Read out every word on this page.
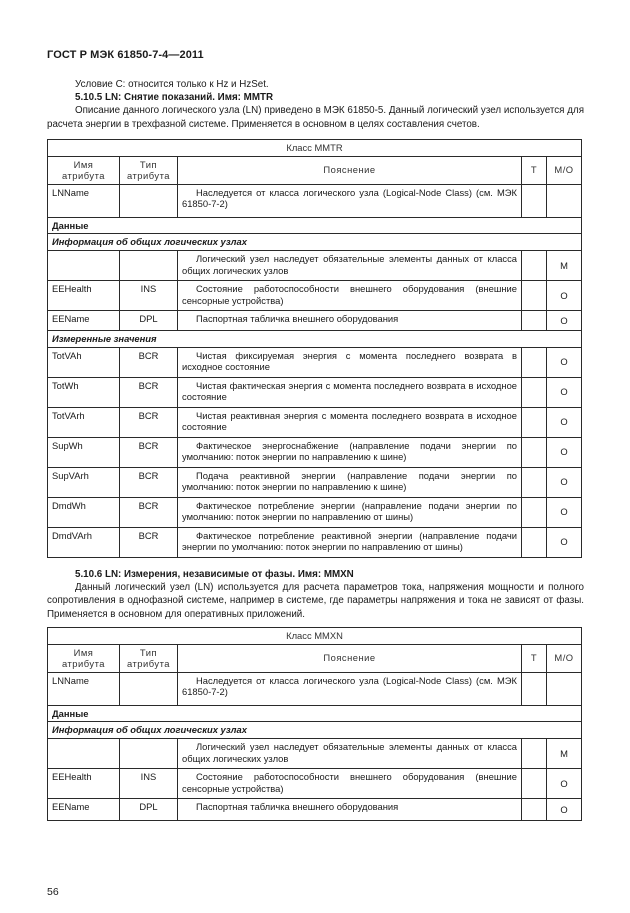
ГОСТ Р МЭК 61850-7-4—2011
Условие С: относится только к Hz и HzSet.
5.10.5 LN: Снятие показаний. Имя: MMTR
Описание данного логического узла (LN) приведено в МЭК 61850-5. Данный логический узел используется для расчета энергии в трехфазной системе. Применяется в основном в целях составления счетов.
Класс MMTR				
Имя атрибута	Тип атрибута	Пояснение	Т	М/О
LNName		Наследуется от класса логического узла (Logical-Node Class) (см. МЭК 61850-7-2)		
Данные				
Информация об общих логических узлах				
		Логический узел наследует обязательные элементы данных от класса общих логических узлов		M
EEHealth	INS	Состояние работоспособности внешнего оборудования (внешние сенсорные устройства)		O
EEName	DPL	Паспортная табличка внешнего оборудования		O
Измеренные значения				
TotVAh	BCR	Чистая фиксируемая энергия с момента последнего возврата в исходное состояние		O
TotWh	BCR	Чистая фактическая энергия с момента последнего возврата в исходное состояние		O
TotVArh	BCR	Чистая реактивная энергия с момента последнего возврата в исходное состояние		O
SupWh	BCR	Фактическое энергоснабжение (направление подачи энергии по умолчанию: поток энергии по направлению к шине)		O
SupVArh	BCR	Подача реактивной энергии (направление подачи энергии по умолчанию: поток энергии по направлению к шине)		O
DmdWh	BCR	Фактическое потребление энергии (направление подачи энергии по умолчанию: поток энергии по направлению от шины)		O
DmdVArh	BCR	Фактическое потребление реактивной энергии (направление подачи энергии по умолчанию: поток энергии по направлению от шины)		O
5.10.6 LN: Измерения, независимые от фазы. Имя: MMXN
Данный логический узел (LN) используется для расчета параметров тока, напряжения мощности и полного сопротивления в однофазной системе, например в системе, где параметры напряжения и тока не зависят от фазы. Применяется в основном для оперативных приложений.
Класс MMXN				
Имя атрибута	Тип атрибута	Пояснение	Т	М/О
LNName		Наследуется от класса логического узла (Logical-Node Class) (см. МЭК 61850-7-2)		
Данные				
Информация об общих логических узлах				
		Логический узел наследует обязательные элементы данных от класса общих логических узлов		M
EEHealth	INS	Состояние работоспособности внешнего оборудования (внешние сенсорные устройства)		O
EEName	DPL	Паспортная табличка внешнего оборудования		O
56
